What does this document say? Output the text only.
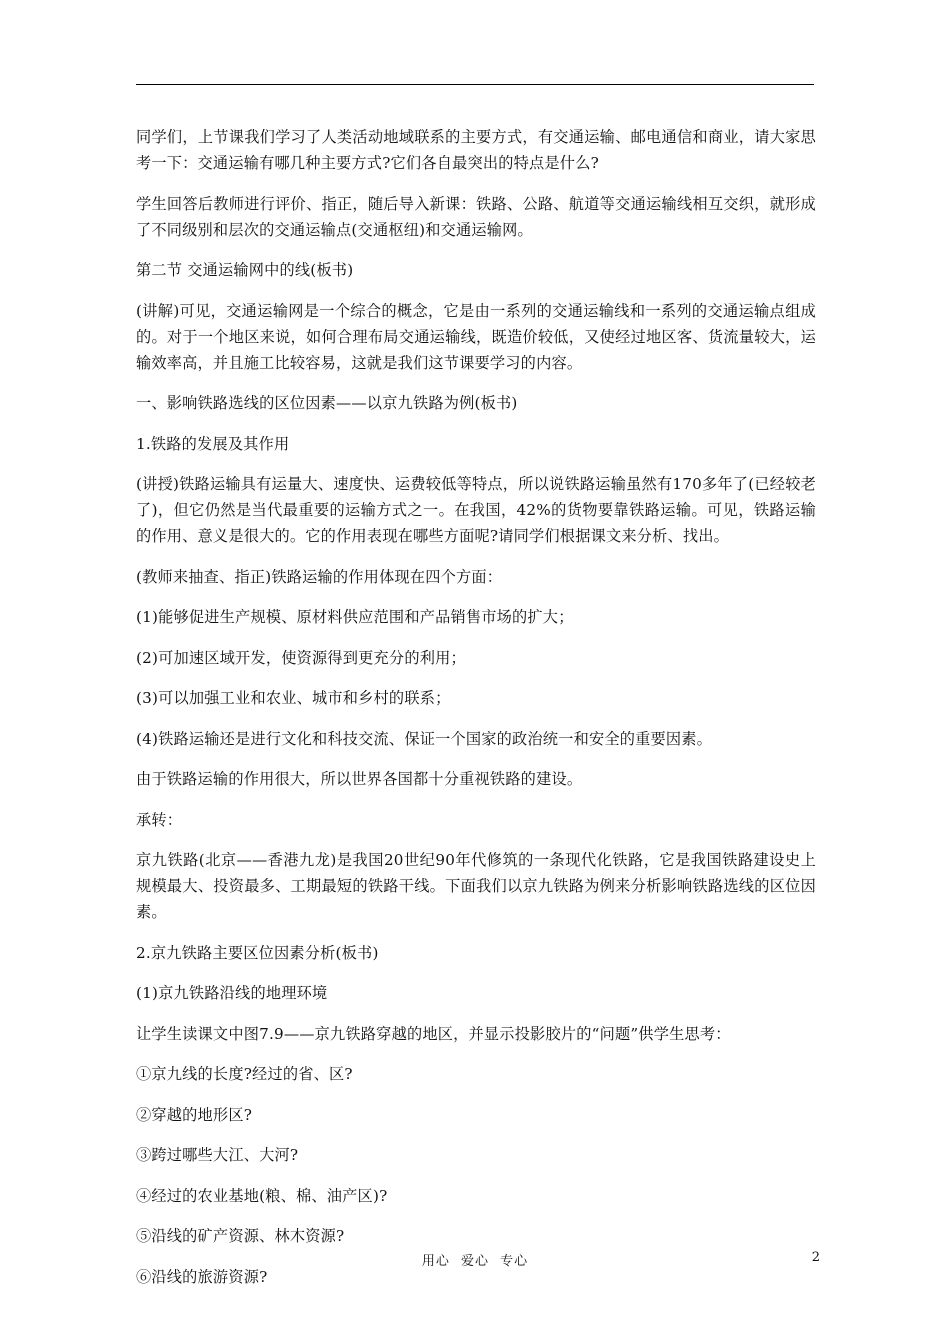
同学们，上节课我们学习了人类活动地域联系的主要方式，有交通运输、邮电通信和商业，请大家思考一下：交通运输有哪几种主要方式?它们各自最突出的特点是什么?

学生回答后教师进行评价、指正，随后导入新课：铁路、公路、航道等交通运输线相互交织，就形成了不同级别和层次的交通运输点(交通枢纽)和交通运输网。

第二节 交通运输网中的线(板书)

(讲解)可见，交通运输网是一个综合的概念，它是由一系列的交通运输线和一系列的交通运输点组成的。对于一个地区来说，如何合理布局交通运输线，既造价较低，又使经过地区客、货流量较大，运输效率高，并且施工比较容易，这就是我们这节课要学习的内容。

一、影响铁路选线的区位因素——以京九铁路为例(板书)

1.铁路的发展及其作用

(讲授)铁路运输具有运量大、速度快、运费较低等特点，所以说铁路运输虽然有170多年了(已经较老了)，但它仍然是当代最重要的运输方式之一。在我国，42%的货物要靠铁路运输。可见，铁路运输的作用、意义是很大的。它的作用表现在哪些方面呢?请同学们根据课文来分析、找出。

(教师来抽查、指正)铁路运输的作用体现在四个方面：

(1)能够促进生产规模、原材料供应范围和产品销售市场的扩大；

(2)可加速区域开发，使资源得到更充分的利用；

(3)可以加强工业和农业、城市和乡村的联系；

(4)铁路运输还是进行文化和科技交流、保证一个国家的政治统一和安全的重要因素。

由于铁路运输的作用很大，所以世界各国都十分重视铁路的建设。

承转：

京九铁路(北京——香港九龙)是我国20世纪90年代修筑的一条现代化铁路，它是我国铁路建设史上规模最大、投资最多、工期最短的铁路干线。下面我们以京九铁路为例来分析影响铁路选线的区位因素。

2.京九铁路主要区位因素分析(板书)

(1)京九铁路沿线的地理环境

让学生读课文中图7.9——京九铁路穿越的地区，并显示投影胶片的“问题”供学生思考：

①京九线的长度?经过的省、区?

②穿越的地形区?

③跨过哪些大江、大河?

④经过的农业基地(粮、棉、油产区)?

⑤沿线的矿产资源、林木资源?

⑥沿线的旅游资源?

用心 爱心 专心	2
